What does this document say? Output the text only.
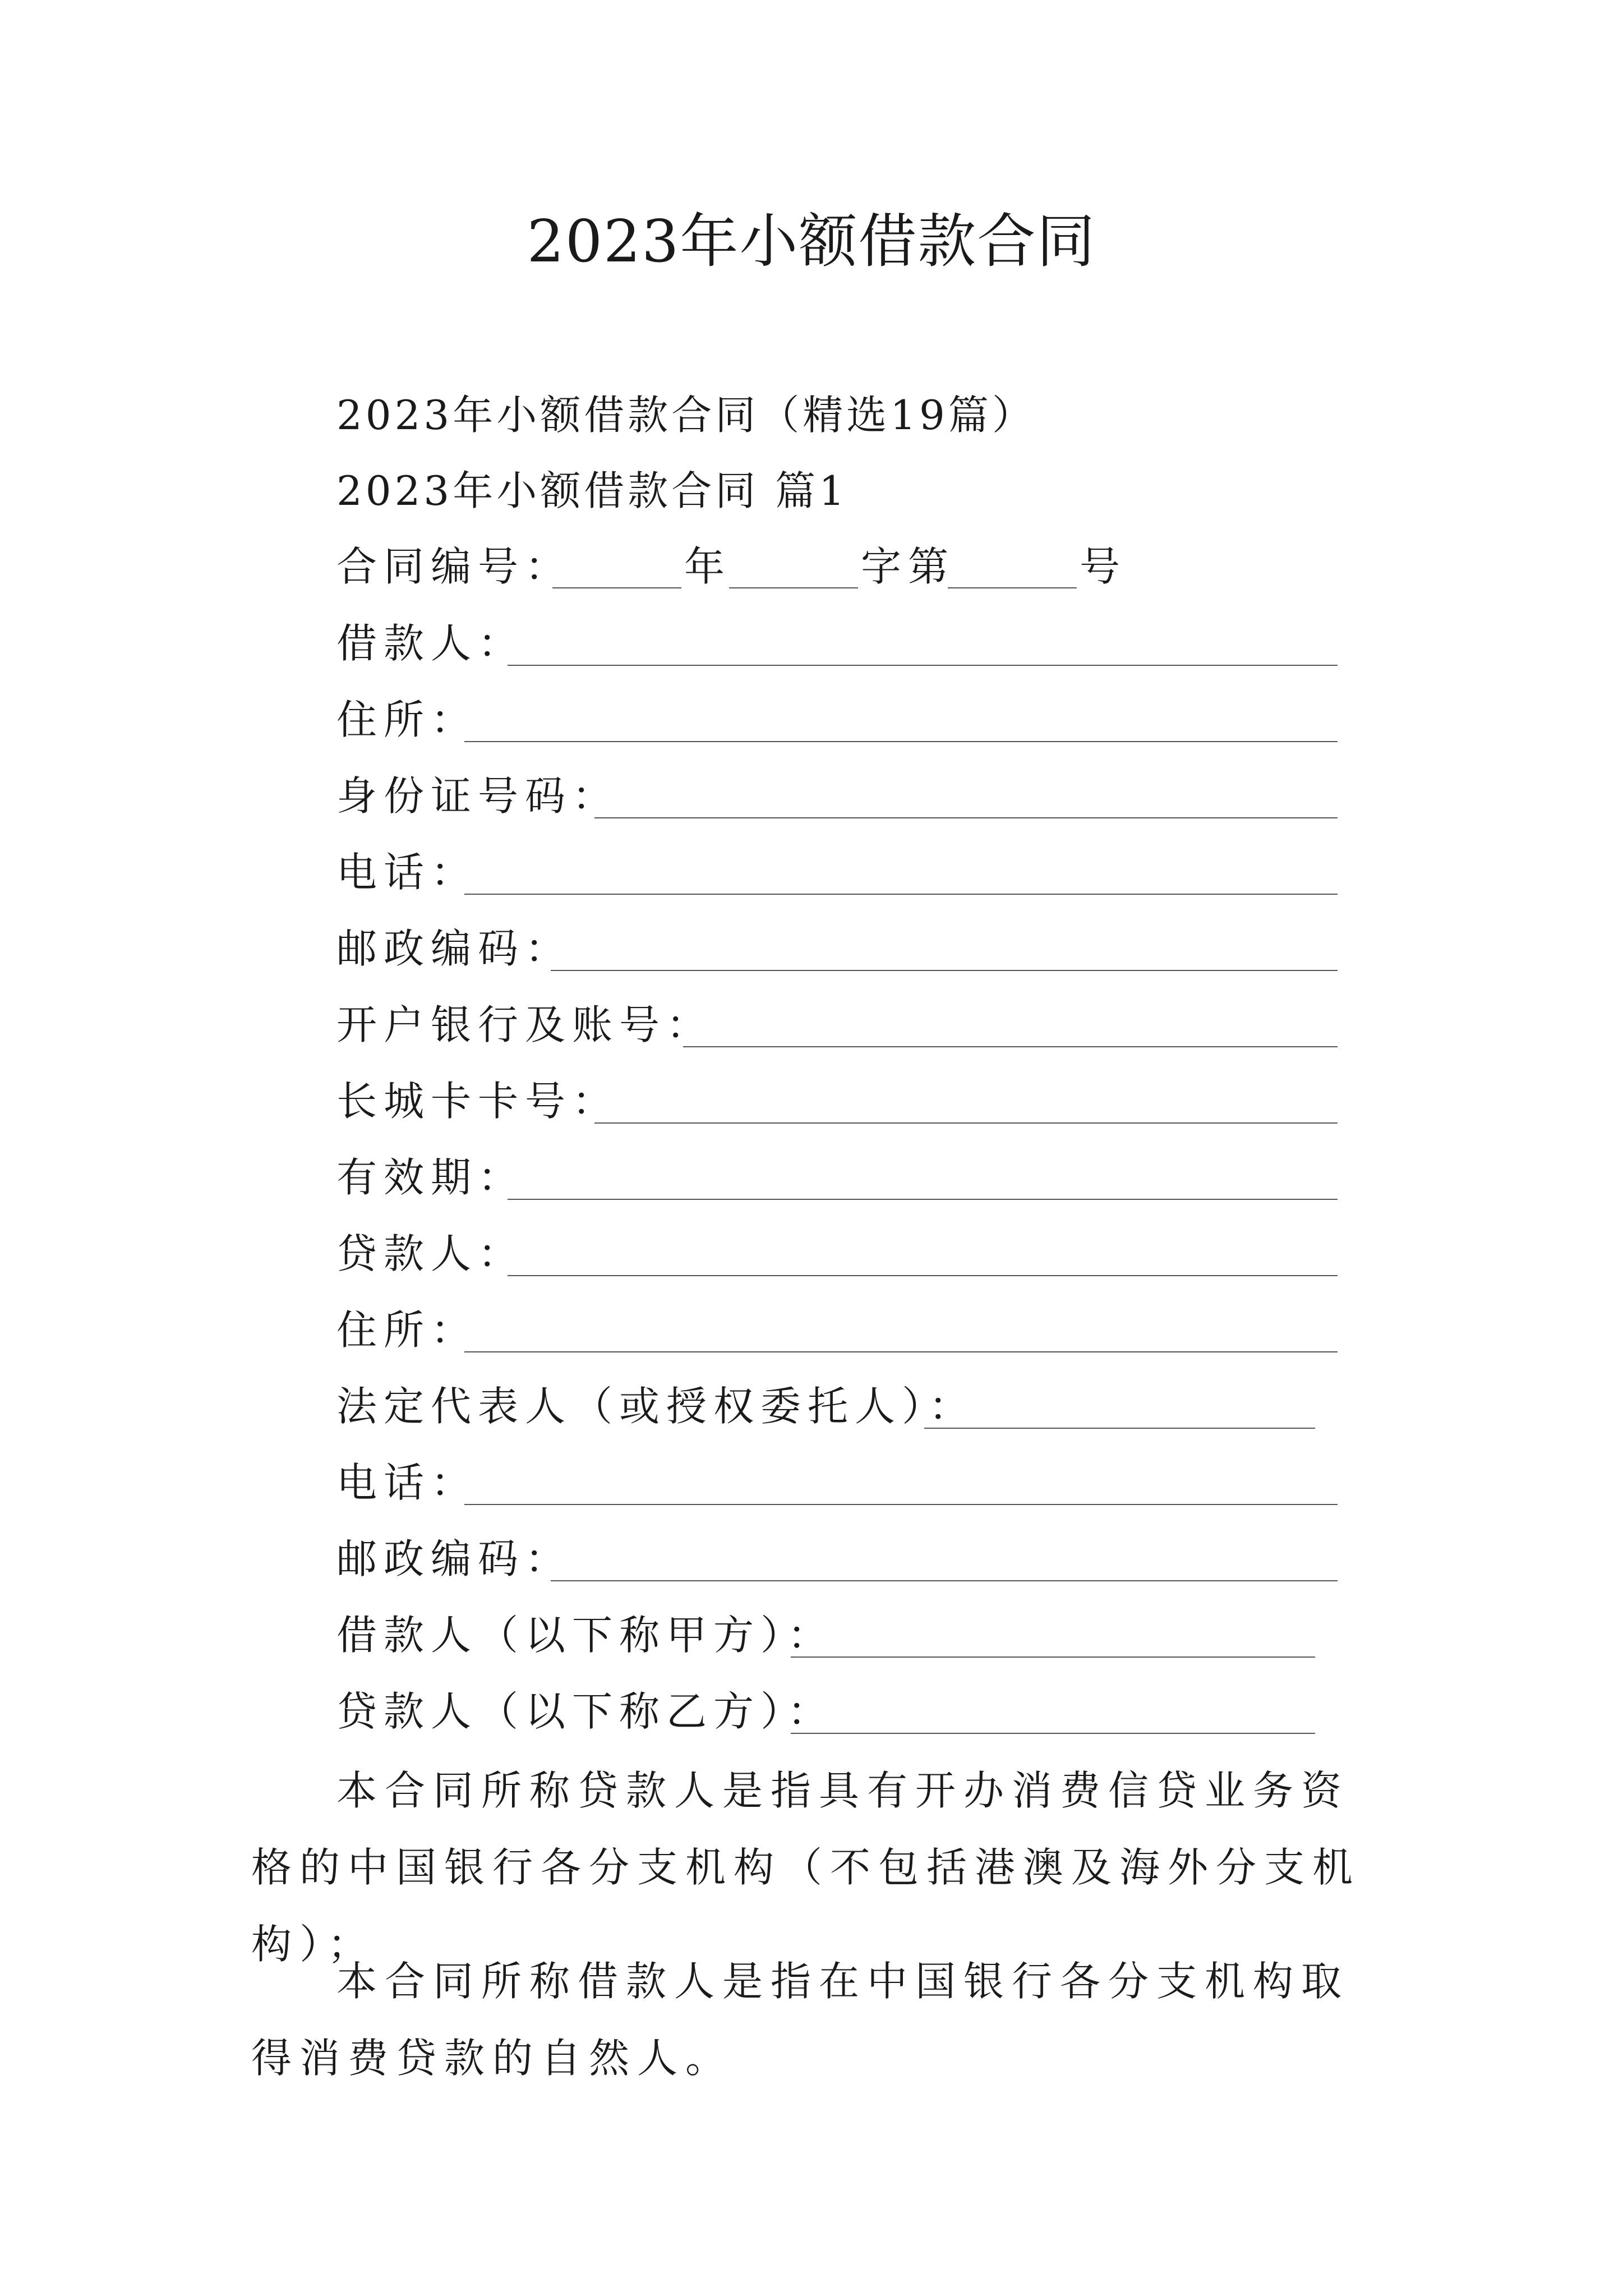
2023年小额借款合同
2023年小额借款合同（精选19篇）
2023年小额借款合同 篇1
合同编号：	年	字第	号
借款人：
住所：
身份证号码：
电话：
邮政编码：
开户银行及账号：
长城卡卡号：
有效期：
贷款人：
住所：
法定代表人（或授权委托人）：
电话：
邮政编码：
借款人（以下称甲方）：
贷款人（以下称乙方）：
本合同所称贷款人是指具有开办消费信贷业务资格的中国银行各分支机构（不包括港澳及海外分支机构）；
本合同所称借款人是指在中国银行各分支机构取得消费贷款的自然人。
